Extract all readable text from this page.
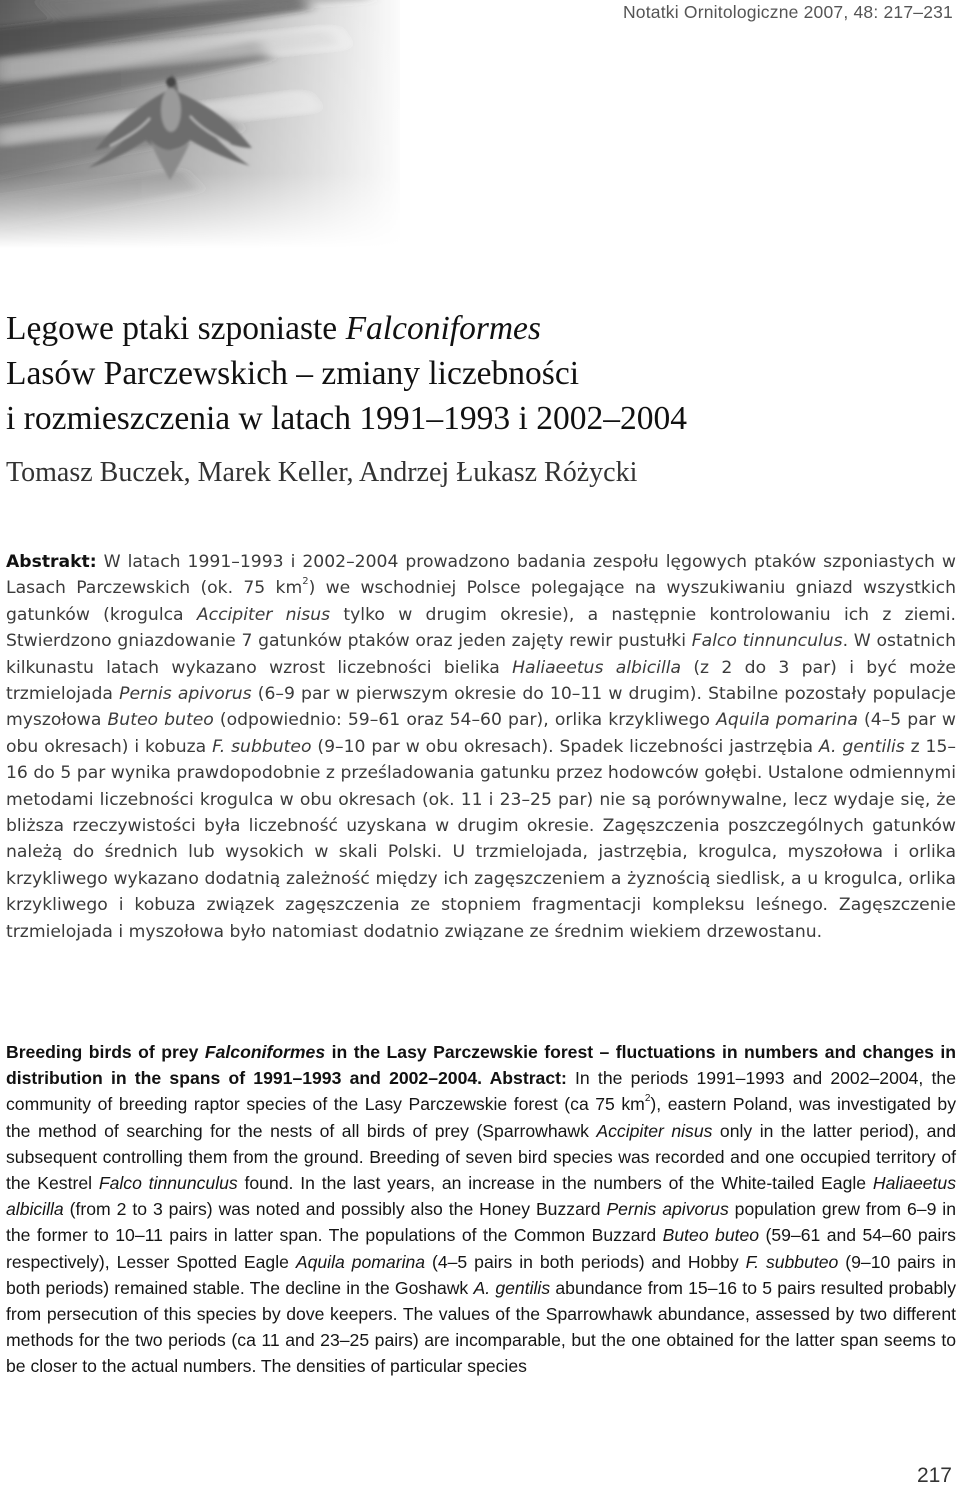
Notatki Ornitologiczne 2007, 48: 217–231
Lęgowe ptaki szponiaste Falconiformes
Lasów Parczewskich – zmiany liczebności
i rozmieszczenia w latach 1991–1993 i 2002–2004
Tomasz Buczek, Marek Keller, Andrzej Łukasz Różycki

Abstrakt: W latach 1991–1993 i 2002–2004 prowadzono badania zespołu lęgowych ptaków szponiastych w Lasach Parczewskich (ok. 75 $km^2$) we wschodniej Polsce polegające na wyszukiwaniu gniazd wszystkich gatunków (krogulca Accipiter nisus tylko w drugim okresie), a następnie kontrolowaniu ich z ziemi. Stwierdzono gniazdowanie 7 gatunków ptaków oraz jeden zajęty rewir pustułki Falco tinnunculus. W ostatnich kilkunastu latach wykazano wzrost liczebności bielika Haliaeetus albicilla (z 2 do 3 par) i być może trzmielojada Pernis apivorus (6–9 par w pierwszym okresie do 10–11 w drugim). Stabilne pozostały populacje myszołowa Buteo buteo (odpowiednio: 59–61 oraz 54–60 par), orlika krzykliwego Aquila pomarina (4–5 par w obu okresach) i kobuza F. subbuteo (9–10 par w obu okresach). Spadek liczebności jastrzębia A. gentilis z 15–16 do 5 par wynika prawdopodobnie z prześladowania gatunku przez hodowców gołębi. Ustalone odmiennymi metodami liczebności krogulca w obu okresach (ok. 11 i 23–25 par) nie są porównywalne, lecz wydaje się, że bliższa rzeczywistości była liczebność uzyskana w drugim okresie. Zagęszczenia poszczególnych gatunków należą do średnich lub wysokich w skali Polski. U trzmielojada, jastrzębia, krogulca, myszołowa i orlika krzykliwego wykazano dodatnią zależność między ich zagęszczeniem a żyznością siedlisk, a u krogulca, orlika krzykliwego i kobuza związek zagęszczenia ze stopniem fragmentacji kompleksu leśnego. Zagęszczenie trzmielojada i myszołowa było natomiast dodatnio związane ze średnim wiekiem drzewostanu.

Breeding birds of prey Falconiformes in the Lasy Parczewskie forest – fluctuations in numbers and changes in distribution in the spans of 1991–1993 and 2002–2004. Abstract: In the periods 1991–1993 and 2002–2004, the community of breeding raptor species of the Lasy Parczewskie forest (ca 75 $km^2$), eastern Poland, was investigated by the method of searching for the nests of all birds of prey (Sparrowhawk Accipiter nisus only in the latter period), and subsequent controlling them from the ground. Breeding of seven bird species was recorded and one occupied territory of the Kestrel Falco tinnunculus found. In the last years, an increase in the numbers of the White-tailed Eagle Haliaeetus albicilla (from 2 to 3 pairs) was noted and possibly also the Honey Buzzard Pernis apivorus population grew from 6–9 in the former to 10–11 pairs in latter span. The populations of the Common Buzzard Buteo buteo (59–61 and 54–60 pairs respectively), Lesser Spotted Eagle Aquila pomarina (4–5 pairs in both periods) and Hobby F. subbuteo (9–10 pairs in both periods) remained stable. The decline in the Goshawk A. gentilis abundance from 15–16 to 5 pairs resulted probably from persecution of this species by dove keepers. The values of the Sparrowhawk abundance, assessed by two different methods for the two periods (ca 11 and 23–25 pairs) are incomparable, but the one obtained for the latter span seems to be closer to the actual numbers. The densities of particular species

217
